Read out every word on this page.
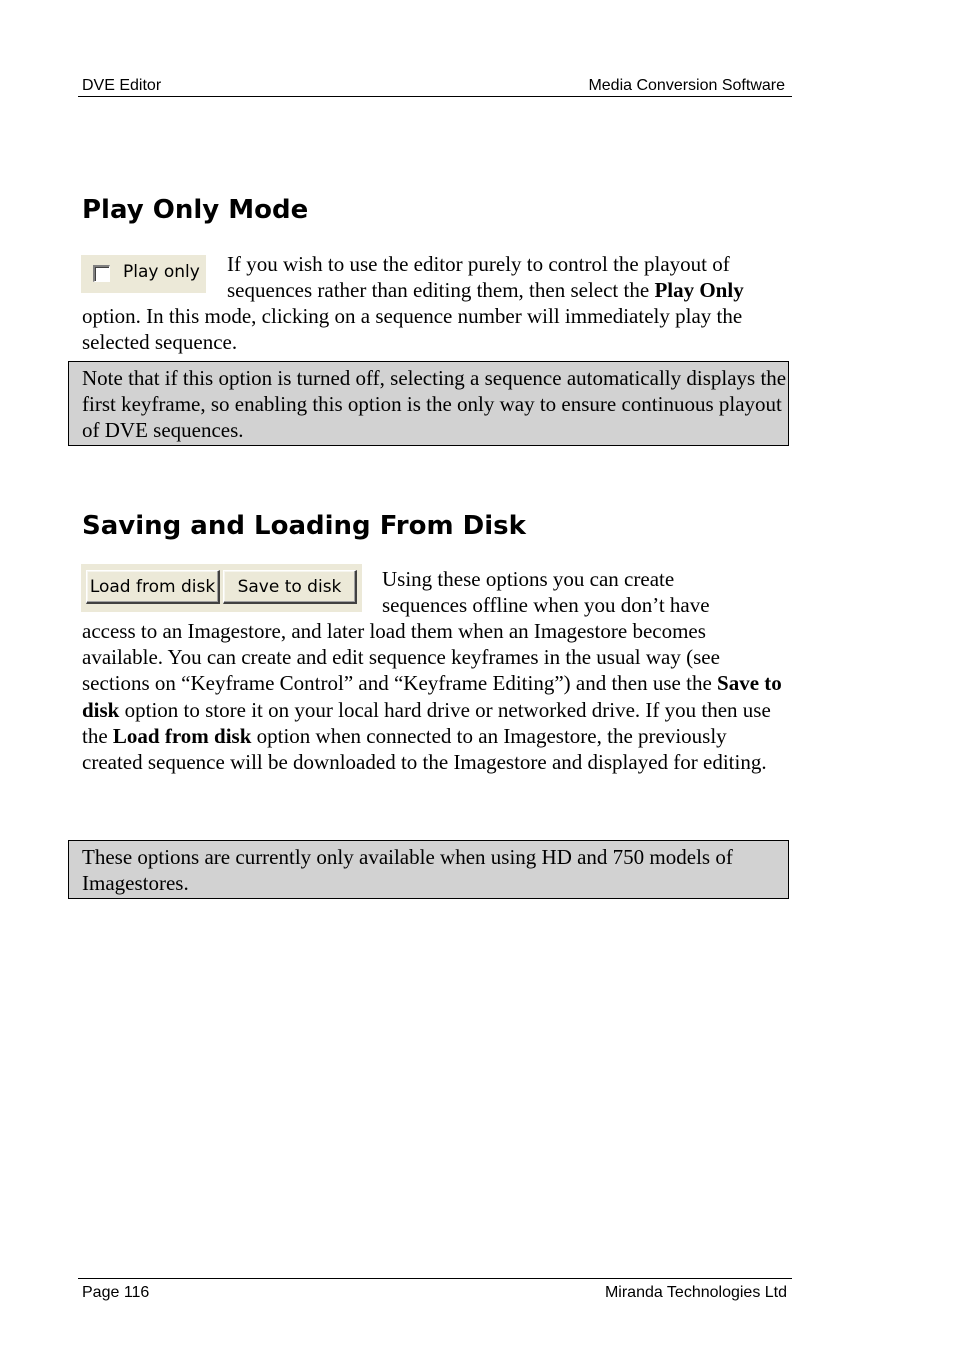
DVE Editor	Media Conversion Software
Play Only Mode
Play only If you wish to use the editor purely to control the playout of

sequences rather than editing them, then select the Play Only

option. In this mode, clicking on a sequence number will immediately play the selected sequence.

Note that if this option is turned off, selecting a sequence automatically displays the first keyframe, so enabling this option is the only way to ensure continuous playout of DVE sequences.
Saving and Loading From Disk
Load from disk	Save to disk	Using these options you can create

sequences offline when you don’t have

access to an Imagestore, and later load them when an Imagestore becomes available. You can create and edit sequence keyframes in the usual way (see sections on “Keyframe Control” and “Keyframe Editing”) and then use the Save to disk option to store it on your local hard drive or networked drive. If you then use the Load from disk option when connected to an Imagestore, the previously created sequence will be downloaded to the Imagestore and displayed for editing.

These options are currently only available when using HD and 750 models of Imagestores.
Page 116	Miranda Technologies Ltd
